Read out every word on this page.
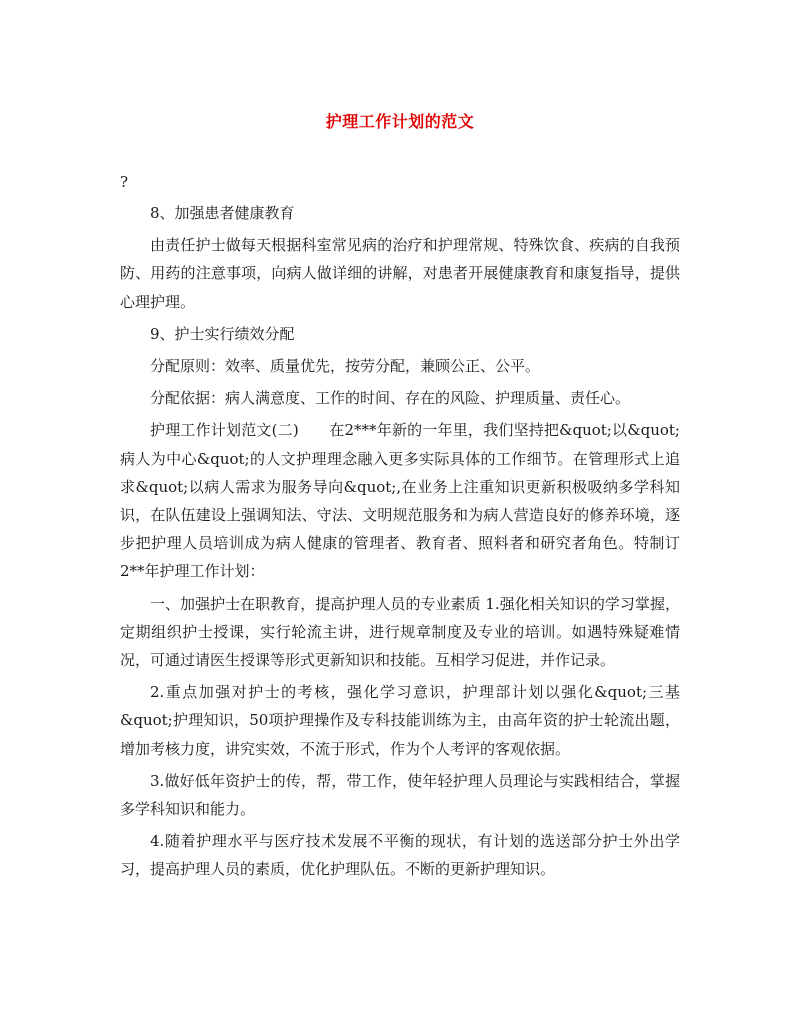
护理工作计划的范文
?

8、加强患者健康教育

由责任护士做每天根据科室常见病的治疗和护理常规、特殊饮食、疾病的自我预防、用药的注意事项，向病人做详细的讲解，对患者开展健康教育和康复指导，提供心理护理。

9、护士实行绩效分配

分配原则：效率、质量优先，按劳分配，兼顾公正、公平。

分配依据：病人满意度、工作的时间、存在的风险、护理质量、责任心。

护理工作计划范文(二)　　在2***年新的一年里，我们坚持把&quot;以&quot;病人为中心&quot;的人文护理理念融入更多实际具体的工作细节。在管理形式上追求&quot;以病人需求为服务导向&quot;,在业务上注重知识更新积极吸纳多学科知识，在队伍建设上强调知法、守法、文明规范服务和为病人营造良好的修养环境，逐步把护理人员培训成为病人健康的管理者、教育者、照料者和研究者角色。特制订2**年护理工作计划：

一、加强护士在职教育，提高护理人员的专业素质 1.强化相关知识的学习掌握，定期组织护士授课，实行轮流主讲，进行规章制度及专业的培训。如遇特殊疑难情况，可通过请医生授课等形式更新知识和技能。互相学习促进，并作记录。

2.重点加强对护士的考核，强化学习意识，护理部计划以强化&quot;三基&quot;护理知识，50项护理操作及专科技能训练为主，由高年资的护士轮流出题，增加考核力度，讲究实效，不流于形式，作为个人考评的客观依据。

3.做好低年资护士的传，帮，带工作，使年轻护理人员理论与实践相结合，掌握多学科知识和能力。

4.随着护理水平与医疗技术发展不平衡的现状，有计划的选送部分护士外出学习，提高护理人员的素质，优化护理队伍。不断的更新护理知识。
